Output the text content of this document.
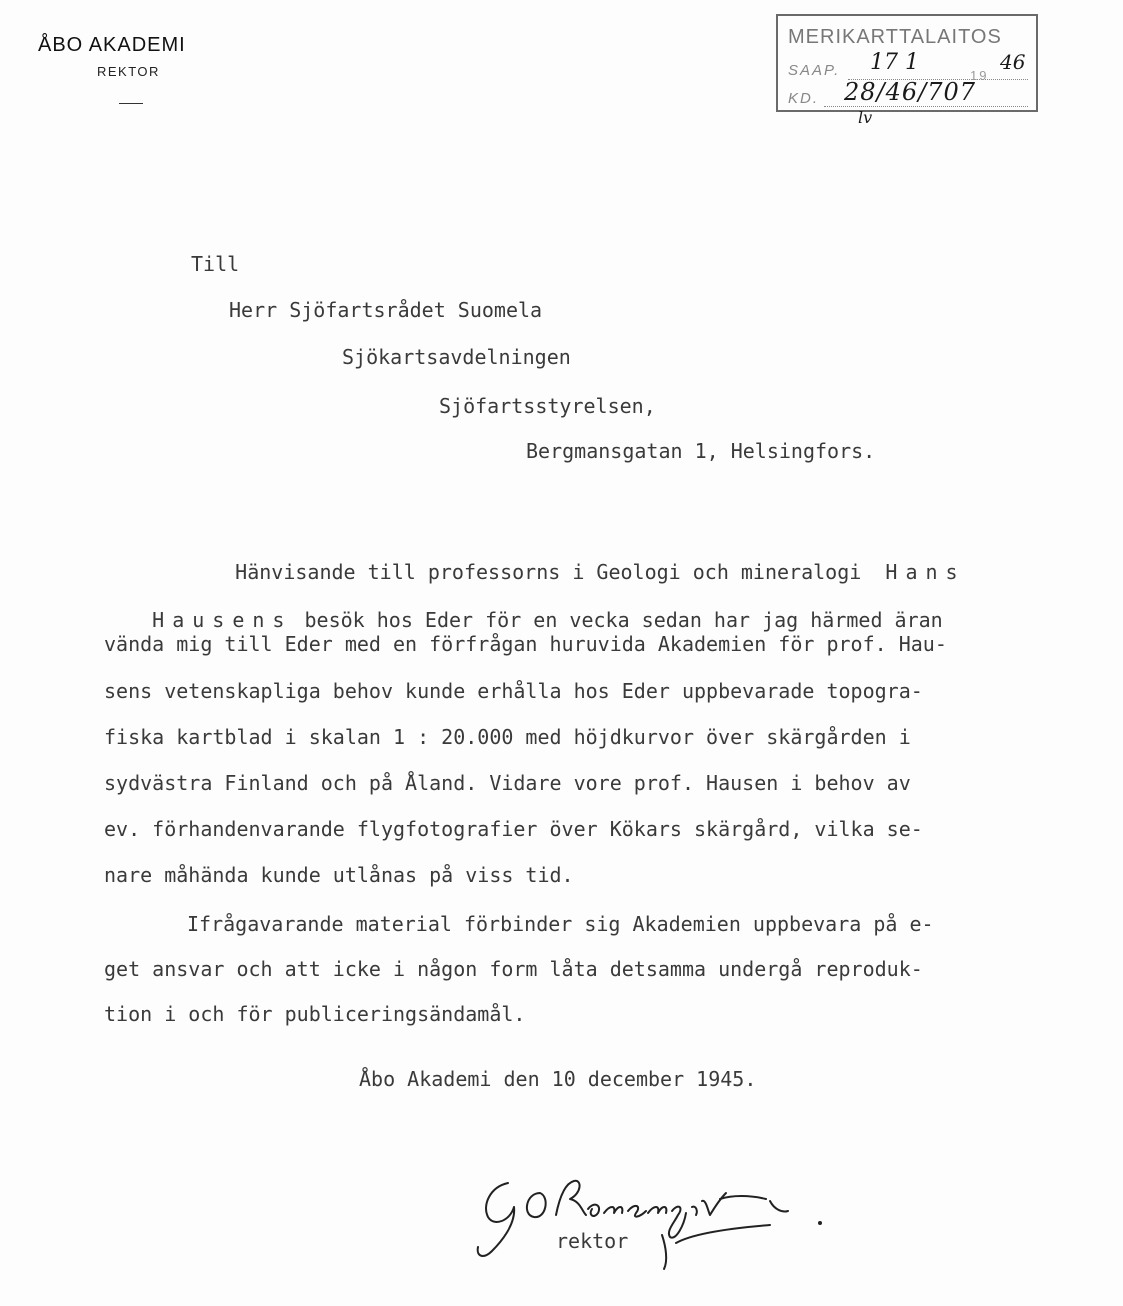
ÅBO AKADEMI
REKTOR
MERIKARTTALAITOS
SAAP. 17 1
19
46
KD. 28/46/707
lv
Till
Herr Sjöfartsrådet Suomela
Sjökartsavdelningen
Sjöfartsstyrelsen,
Bergmansgatan 1, Helsingfors.

Hänvisande till professorns i Geologi och mineralogi Hans

Hausens besök hos Eder för en vecka sedan har jag härmed äran

vända mig till Eder med en förfrågan huruvida Akademien för prof. Hau-
sens vetenskapliga behov kunde erhålla hos Eder uppbevarade topogra-
fiska kartblad i skalan 1 : 20.000 med höjdkurvor över skärgården i
sydvästra Finland och på Åland. Vidare vore prof. Hausen i behov av
ev. förhandenvarande flygfotografier över Kökars skärgård, vilka se-
nare måhända kunde utlånas på viss tid.
Ifrågavarande material förbinder sig Akademien uppbevara på e-
get ansvar och att icke i någon form låta detsamma undergå reproduk-
tion i och för publiceringsändamål.
Åbo Akademi den 10 december 1945.
rektor
